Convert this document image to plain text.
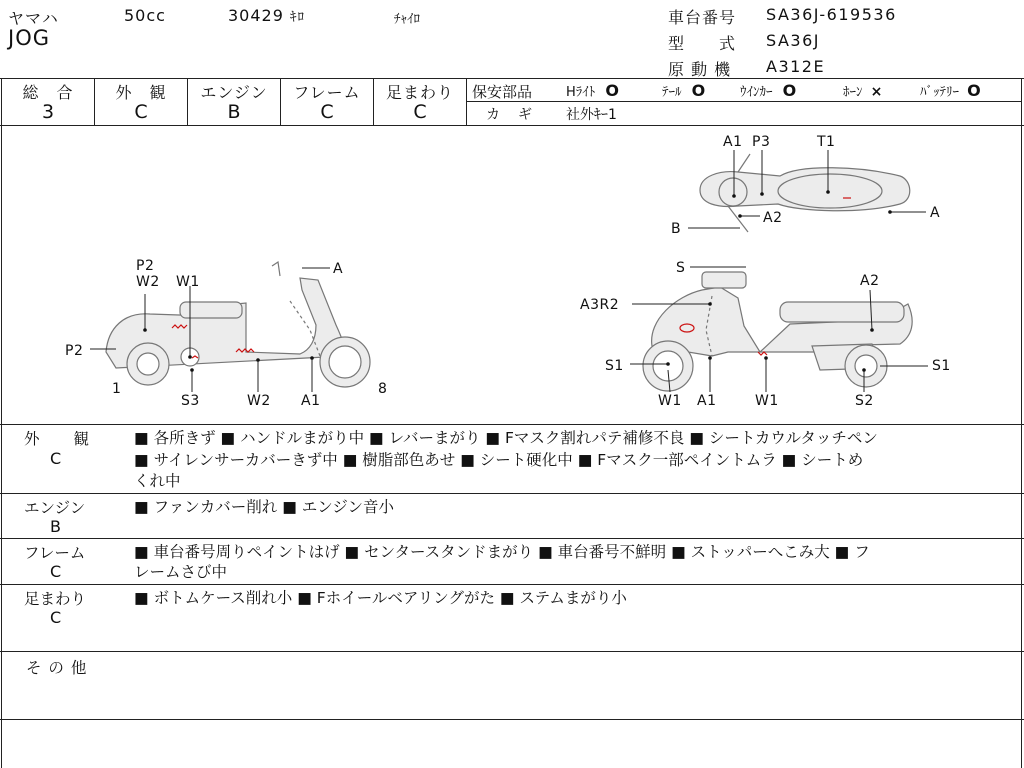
ヤマハ	50cc	30429 ｷﾛ	ﾁｬｲﾛ
JOG
車台番号 SA36J-619536
型　　式 SA36J
原 動 機 A312E
総　合
3
外　観
C
エンジン
B
フレーム
C
足まわり
C
保安部品	Hﾗｲﾄ O	ﾃｰﾙ O	ｳｲﾝｶｰ O	ﾎｰﾝ ×	ﾊﾞｯﾃﾘｰ O
カ　ギ 社外ｷｰ1
P2
W2 W1
A
P2
1
S3	W2 A1
8
S
A2
A3R2
S1
W1 A1	W1	S2
S1
A1 P3	T1
A2	A
B
外　　観
C
■ 各所きず ■ ハンドルまがり中 ■ レバーまがり ■ Fマスク割れパテ補修不良 ■ シートカウルタッチペン
■ サイレンサーカバーきず中 ■ 樹脂部色あせ ■ シート硬化中 ■ Fマスク一部ペイントムラ ■ シートめ
くれ中
エンジン
B
■ ファンカバー削れ ■ エンジン音小
フレーム
C
■ 車台番号周りペイントはげ ■ センタースタンドまがり ■ 車台番号不鮮明 ■ ストッパーへこみ大 ■ フ
レームさび中
足まわり
C
■ ボトムケース削れ小 ■ Fホイールベアリングがた ■ ステムまがり小
そ の 他
